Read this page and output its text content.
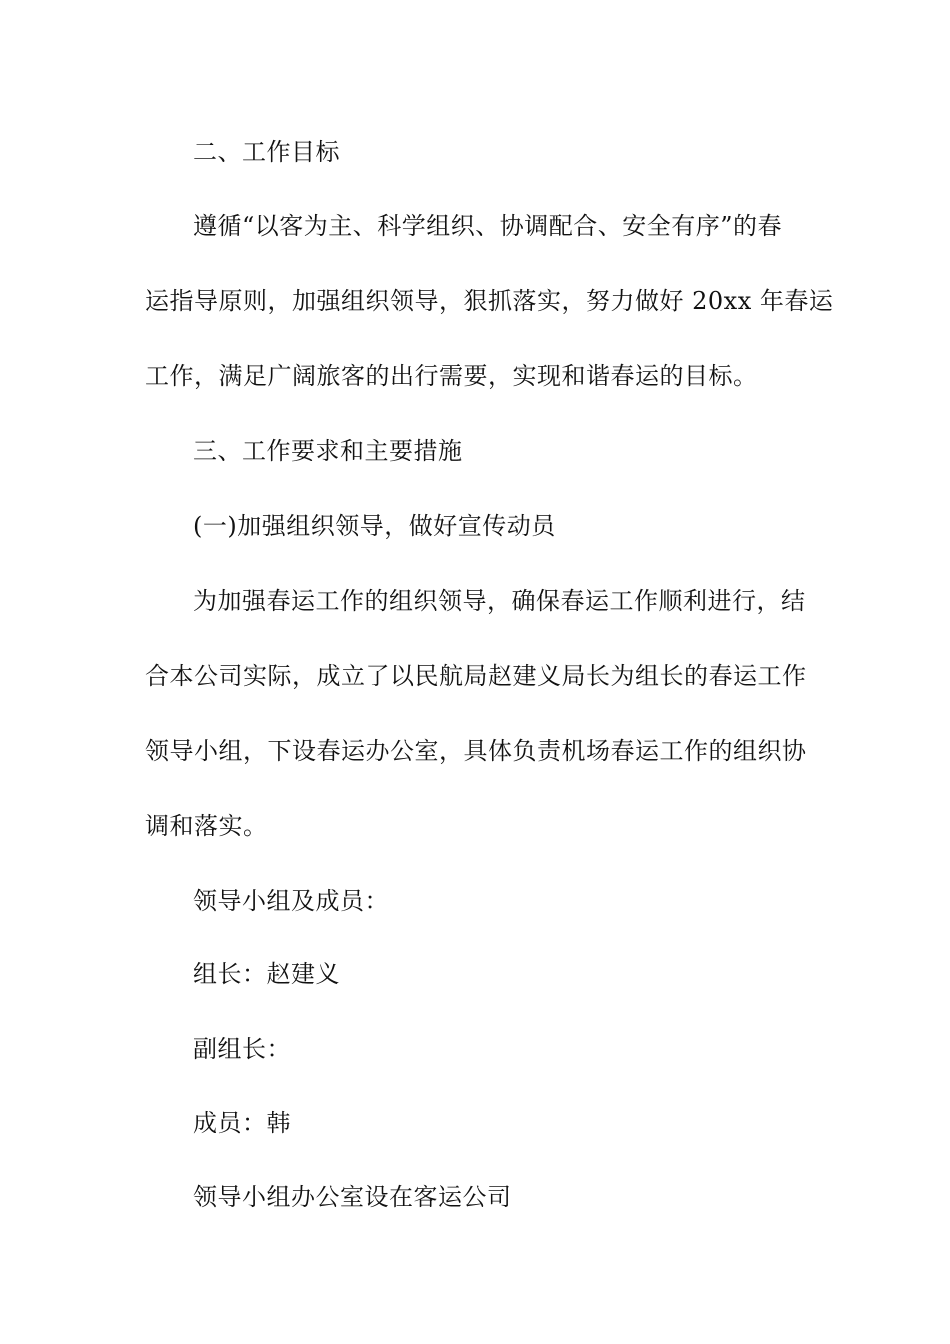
二、工作目标
遵循“以客为主、科学组织、协调配合、安全有序”的春
运指导原则，加强组织领导，狠抓落实，努力做好 20xx 年春运
工作，满足广阔旅客的出行需要，实现和谐春运的目标。
三、工作要求和主要措施
(一)加强组织领导，做好宣传动员
为加强春运工作的组织领导，确保春运工作顺利进行，结
合本公司实际，成立了以民航局赵建义局长为组长的春运工作
领导小组，下设春运办公室，具体负责机场春运工作的组织协
调和落实。
领导小组及成员：
组长：赵建义
副组长：
成员：韩
领导小组办公室设在客运公司
